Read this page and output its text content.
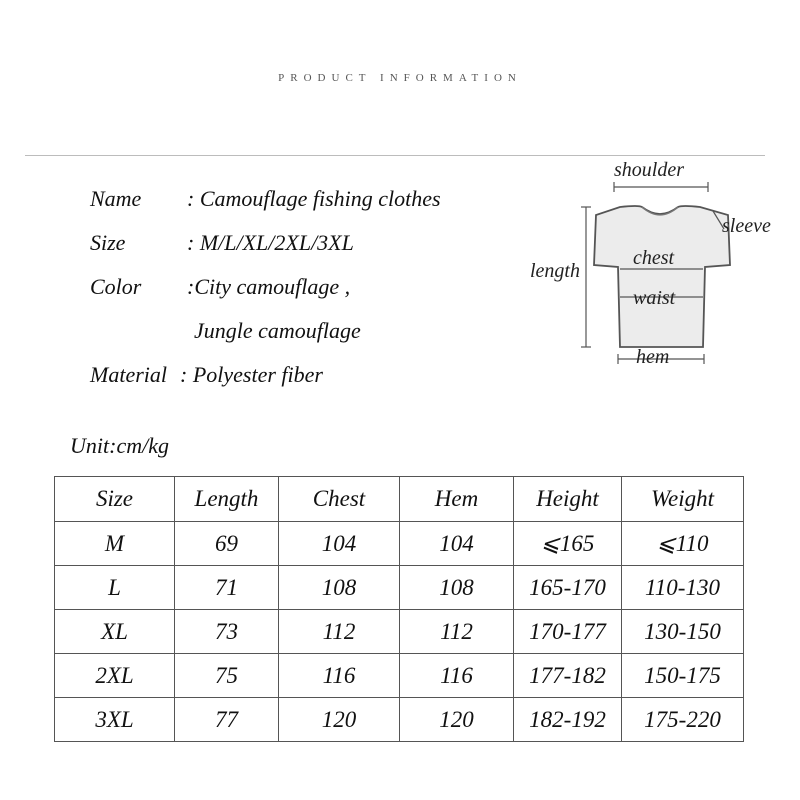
PRODUCT INFORMATION
Name : Camouflage fishing clothes
Size	: M/L/XL/2XL/3XL
Color :City camouflage ,
Jungle camouflage
Material : Polyester fiber
shoulder
sleeve
length
chest
waist
hem
Unit:cm/kg
Size	Length	Chest	Hem	Height	Weight
M	69	104	104	⩽165	⩽110
L	71	108	108	165-170	110-130
XL	73	112	112	170-177	130-150
2XL	75	116	116	177-182	150-175
3XL	77	120	120	182-192	175-220
